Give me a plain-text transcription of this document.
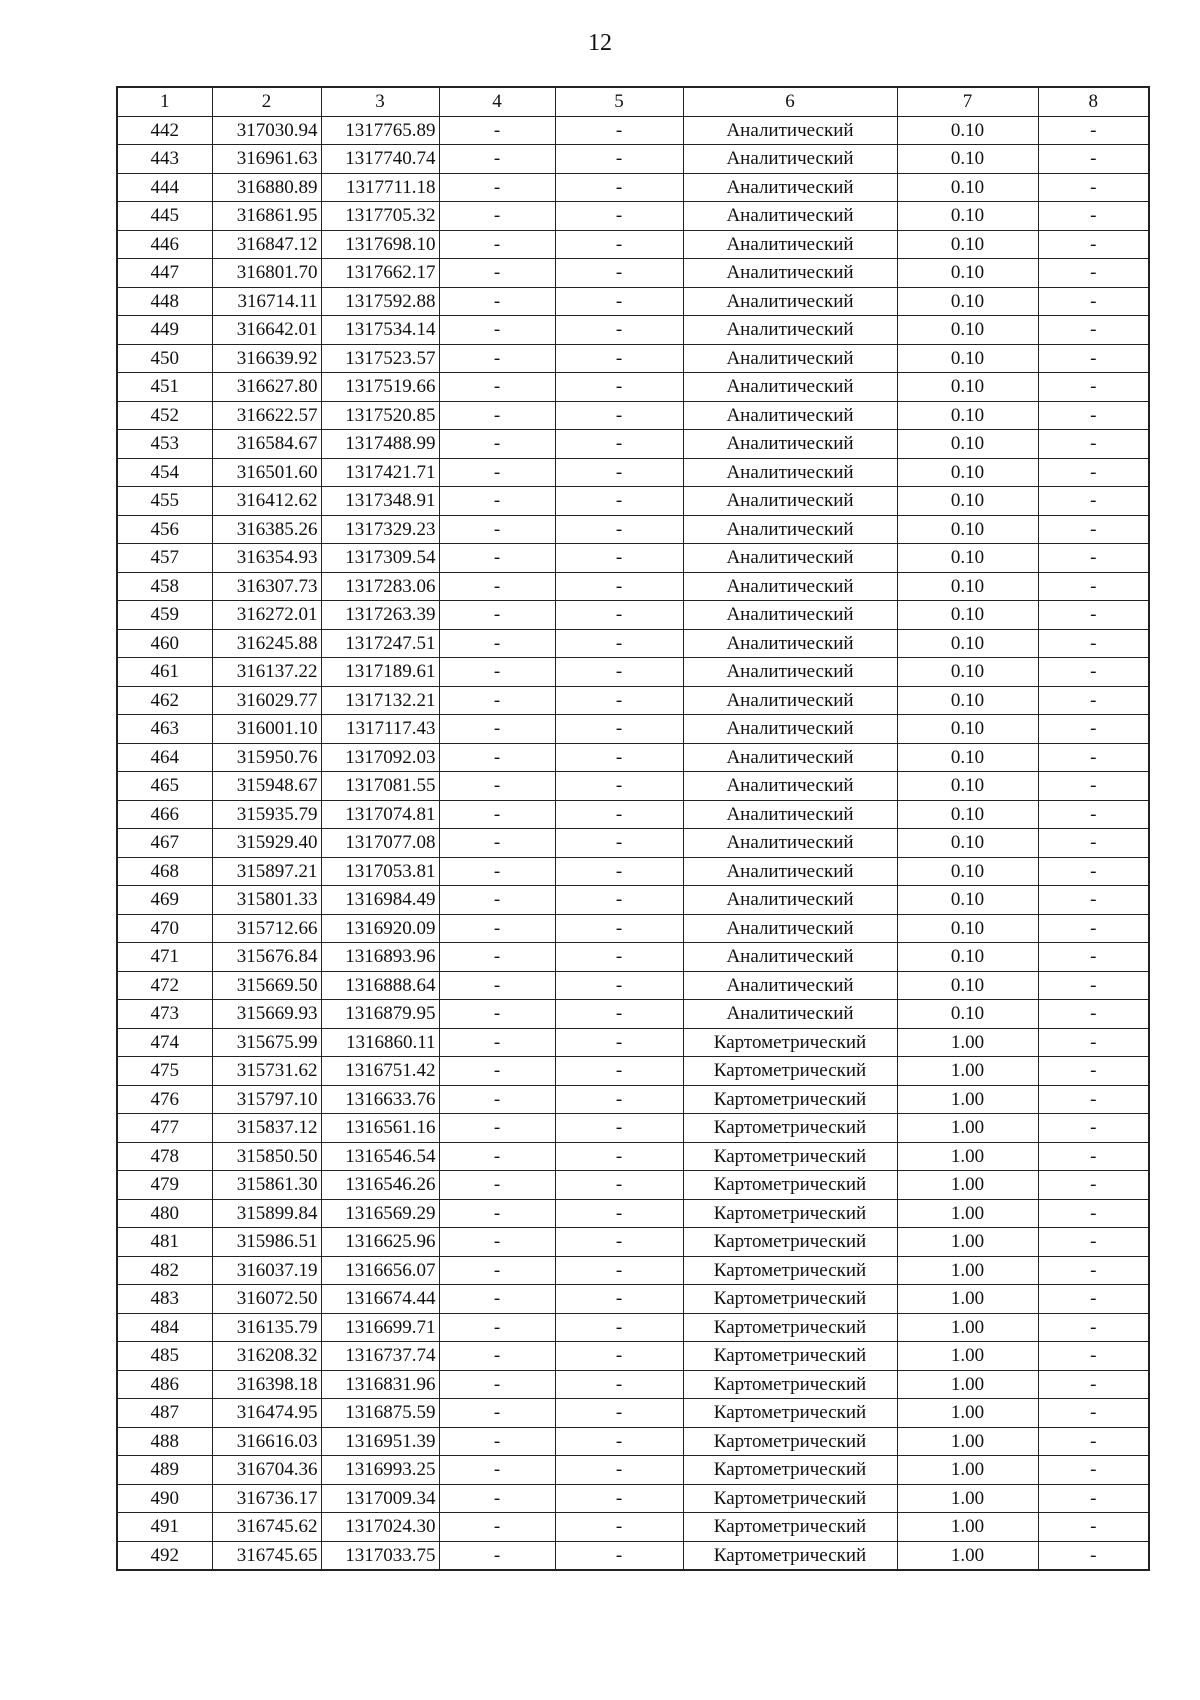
12
1	2	3	4	5	6	7	8
442	317030.94	1317765.89	-	-	Аналитический	0.10	-
443	316961.63	1317740.74	-	-	Аналитический	0.10	-
444	316880.89	1317711.18	-	-	Аналитический	0.10	-
445	316861.95	1317705.32	-	-	Аналитический	0.10	-
446	316847.12	1317698.10	-	-	Аналитический	0.10	-
447	316801.70	1317662.17	-	-	Аналитический	0.10	-
448	316714.11	1317592.88	-	-	Аналитический	0.10	-
449	316642.01	1317534.14	-	-	Аналитический	0.10	-
450	316639.92	1317523.57	-	-	Аналитический	0.10	-
451	316627.80	1317519.66	-	-	Аналитический	0.10	-
452	316622.57	1317520.85	-	-	Аналитический	0.10	-
453	316584.67	1317488.99	-	-	Аналитический	0.10	-
454	316501.60	1317421.71	-	-	Аналитический	0.10	-
455	316412.62	1317348.91	-	-	Аналитический	0.10	-
456	316385.26	1317329.23	-	-	Аналитический	0.10	-
457	316354.93	1317309.54	-	-	Аналитический	0.10	-
458	316307.73	1317283.06	-	-	Аналитический	0.10	-
459	316272.01	1317263.39	-	-	Аналитический	0.10	-
460	316245.88	1317247.51	-	-	Аналитический	0.10	-
461	316137.22	1317189.61	-	-	Аналитический	0.10	-
462	316029.77	1317132.21	-	-	Аналитический	0.10	-
463	316001.10	1317117.43	-	-	Аналитический	0.10	-
464	315950.76	1317092.03	-	-	Аналитический	0.10	-
465	315948.67	1317081.55	-	-	Аналитический	0.10	-
466	315935.79	1317074.81	-	-	Аналитический	0.10	-
467	315929.40	1317077.08	-	-	Аналитический	0.10	-
468	315897.21	1317053.81	-	-	Аналитический	0.10	-
469	315801.33	1316984.49	-	-	Аналитический	0.10	-
470	315712.66	1316920.09	-	-	Аналитический	0.10	-
471	315676.84	1316893.96	-	-	Аналитический	0.10	-
472	315669.50	1316888.64	-	-	Аналитический	0.10	-
473	315669.93	1316879.95	-	-	Аналитический	0.10	-
474	315675.99	1316860.11	-	-	Картометрический	1.00	-
475	315731.62	1316751.42	-	-	Картометрический	1.00	-
476	315797.10	1316633.76	-	-	Картометрический	1.00	-
477	315837.12	1316561.16	-	-	Картометрический	1.00	-
478	315850.50	1316546.54	-	-	Картометрический	1.00	-
479	315861.30	1316546.26	-	-	Картометрический	1.00	-
480	315899.84	1316569.29	-	-	Картометрический	1.00	-
481	315986.51	1316625.96	-	-	Картометрический	1.00	-
482	316037.19	1316656.07	-	-	Картометрический	1.00	-
483	316072.50	1316674.44	-	-	Картометрический	1.00	-
484	316135.79	1316699.71	-	-	Картометрический	1.00	-
485	316208.32	1316737.74	-	-	Картометрический	1.00	-
486	316398.18	1316831.96	-	-	Картометрический	1.00	-
487	316474.95	1316875.59	-	-	Картометрический	1.00	-
488	316616.03	1316951.39	-	-	Картометрический	1.00	-
489	316704.36	1316993.25	-	-	Картометрический	1.00	-
490	316736.17	1317009.34	-	-	Картометрический	1.00	-
491	316745.62	1317024.30	-	-	Картометрический	1.00	-
492	316745.65	1317033.75	-	-	Картометрический	1.00	-
